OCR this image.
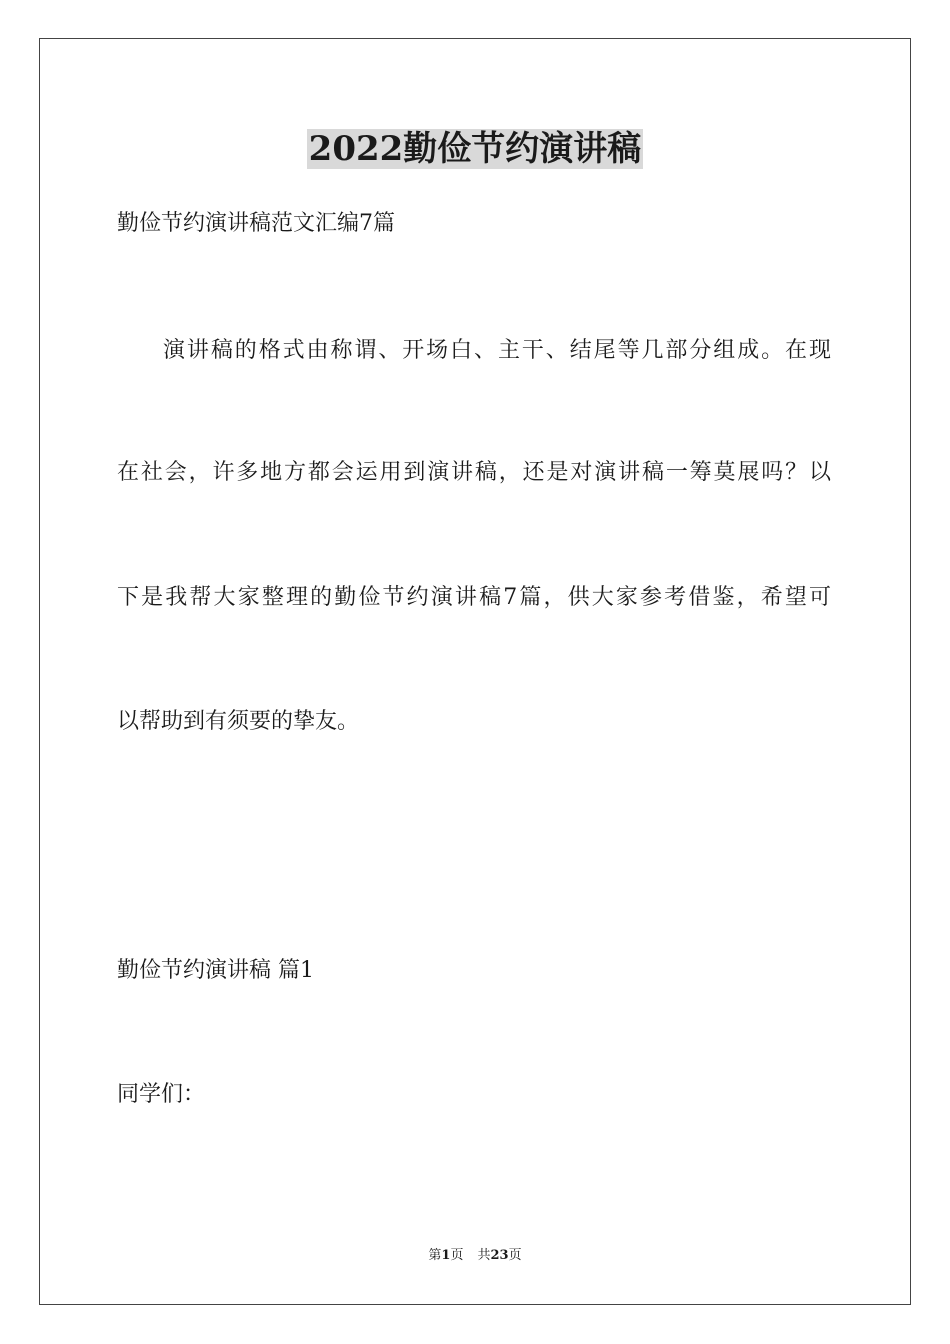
2022勤俭节约演讲稿
勤俭节约演讲稿范文汇编7篇
演讲稿的格式由称谓、开场白、主干、结尾等几部分组成。在现
在社会，许多地方都会运用到演讲稿，还是对演讲稿一筹莫展吗？以
下是我帮大家整理的勤俭节约演讲稿7篇，供大家参考借鉴，希望可
以帮助到有须要的挚友。
勤俭节约演讲稿 篇1
同学们：
第1页 共23页
